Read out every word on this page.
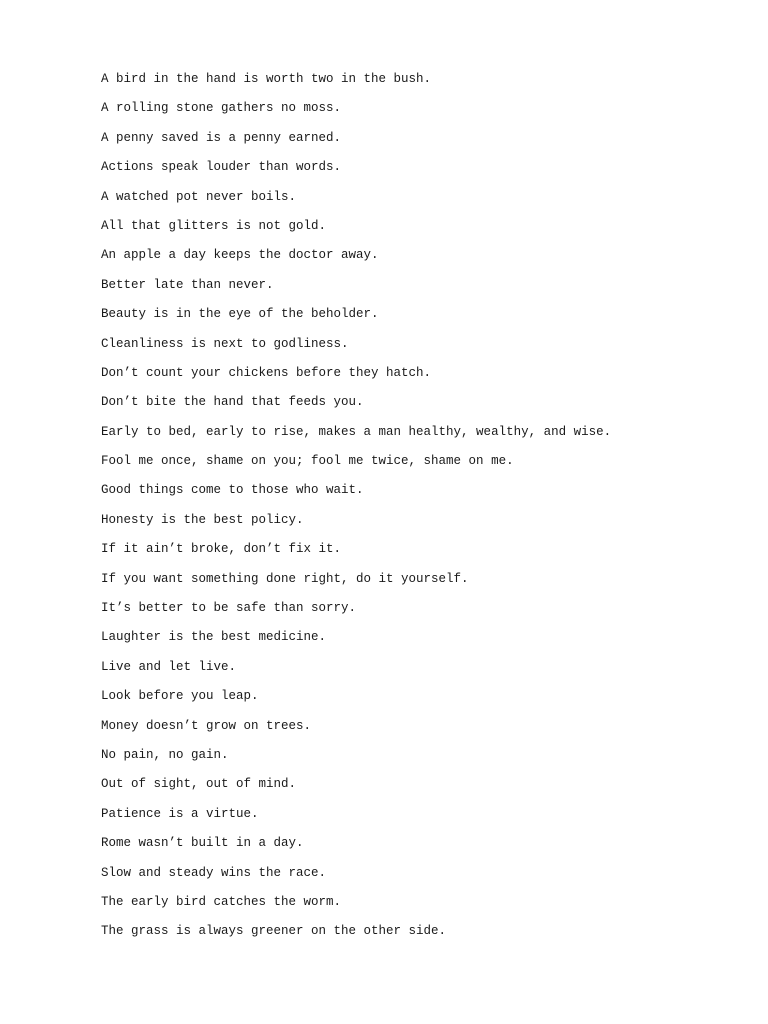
A bird in the hand is worth two in the bush.
A rolling stone gathers no moss.
A penny saved is a penny earned.
Actions speak louder than words.
A watched pot never boils.
All that glitters is not gold.
An apple a day keeps the doctor away.
Better late than never.
Beauty is in the eye of the beholder.
Cleanliness is next to godliness.
Don’t count your chickens before they hatch.
Don’t bite the hand that feeds you.
Early to bed, early to rise, makes a man healthy, wealthy, and wise.
Fool me once, shame on you; fool me twice, shame on me.
Good things come to those who wait.
Honesty is the best policy.
If it ain’t broke, don’t fix it.
If you want something done right, do it yourself.
It’s better to be safe than sorry.
Laughter is the best medicine.
Live and let live.
Look before you leap.
Money doesn’t grow on trees.
No pain, no gain.
Out of sight, out of mind.
Patience is a virtue.
Rome wasn’t built in a day.
Slow and steady wins the race.
The early bird catches the worm.
The grass is always greener on the other side.
